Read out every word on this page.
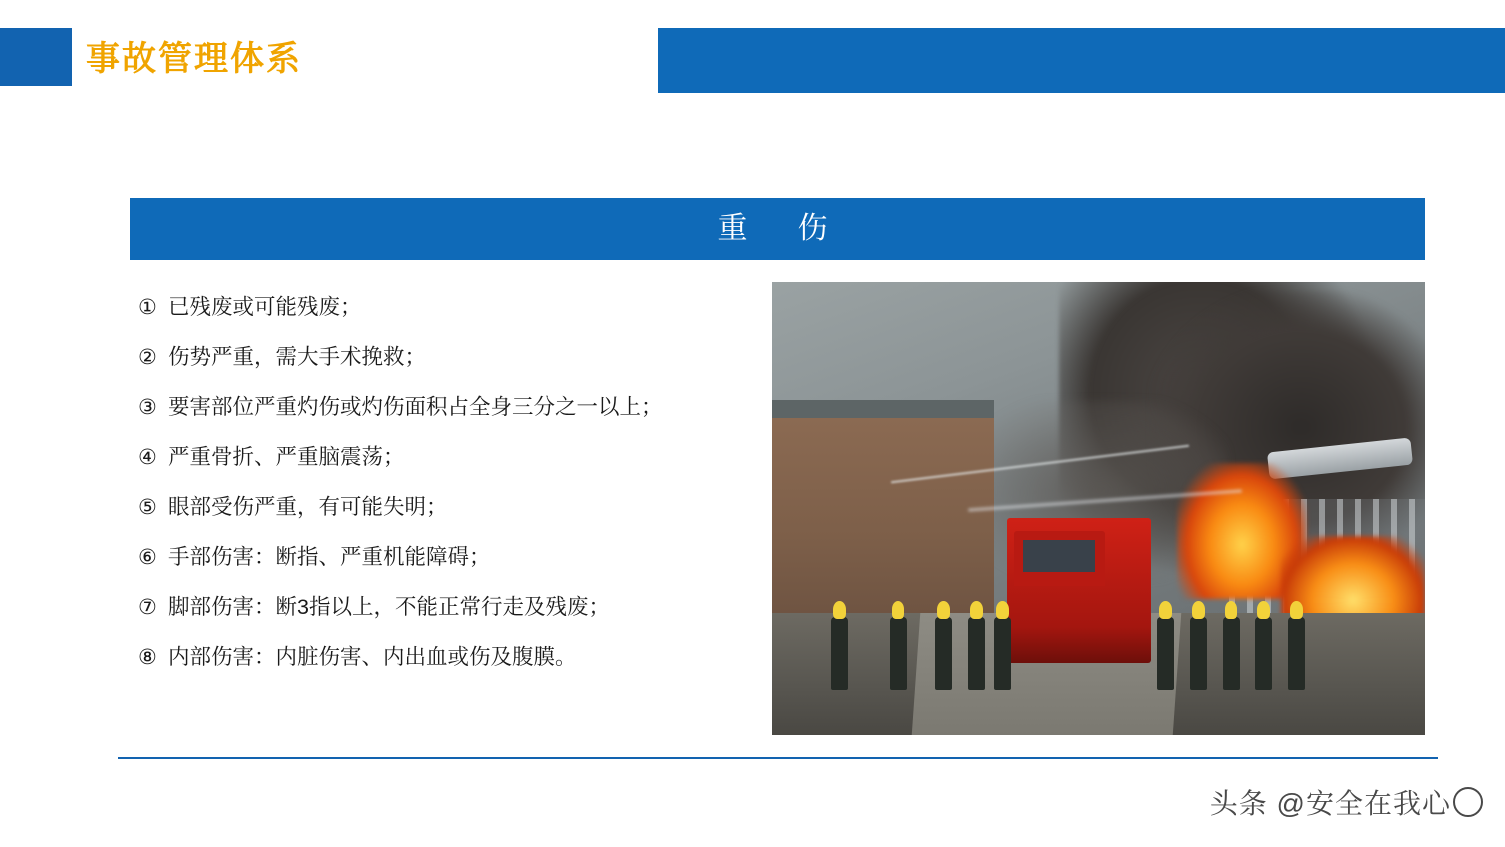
事故管理体系
重　伤
① 已残废或可能残废；
② 伤势严重，需大手术挽救；
③ 要害部位严重灼伤或灼伤面积占全身三分之一以上；
④ 严重骨折、严重脑震荡；
⑤ 眼部受伤严重，有可能失明；
⑥ 手部伤害：断指、严重机能障碍；
⑦ 脚部伤害：断3指以上，不能正常行走及残废；
⑧ 内部伤害：内脏伤害、内出血或伤及腹膜。
头条 @安全在我心
